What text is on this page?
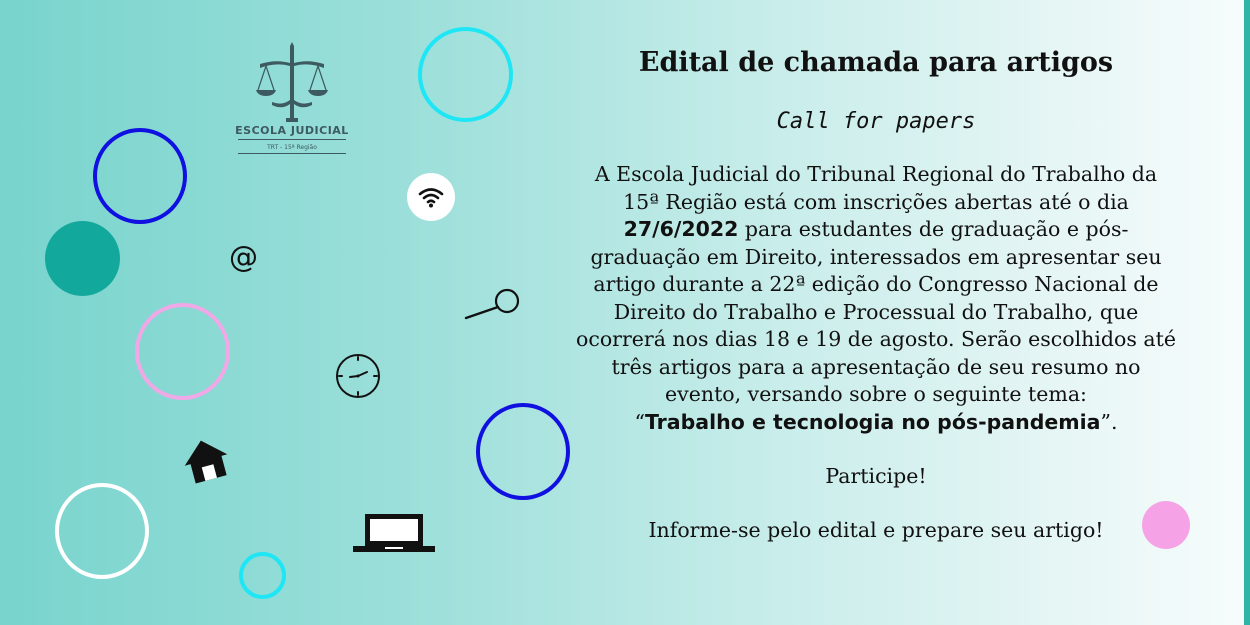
ESCOLA JUDICIAL
TRT - 15ª Região
@
Edital de chamada para artigos
Call for papers
A Escola Judicial do Tribunal Regional do Trabalho da 15ª Região está com inscrições abertas até o dia 27/6/2022 para estudantes de graduação e pós-graduação em Direito, interessados em apresentar seu artigo durante a 22ª edição do Congresso Nacional de Direito do Trabalho e Processual do Trabalho, que ocorrerá nos dias 18 e 19 de agosto. Serão escolhidos até três artigos para a apresentação de seu resumo no evento, versando sobre o seguinte tema:
“Trabalho e tecnologia no pós-pandemia”.
Participe!
Informe-se pelo edital e prepare seu artigo!
